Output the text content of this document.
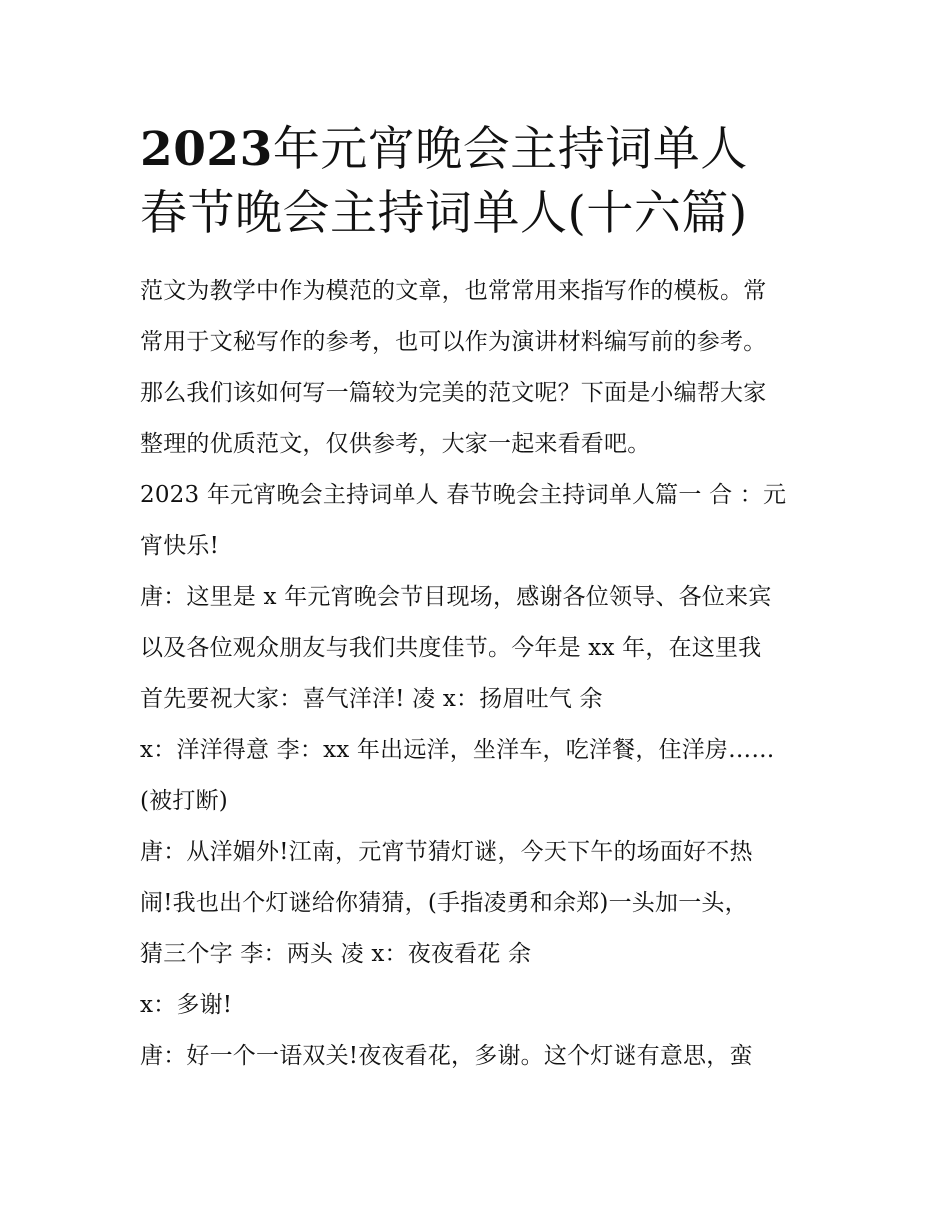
2023年元宵晚会主持词单人
春节晚会主持词单人(十六篇)

范文为教学中作为模范的文章，也常常用来指写作的模板。常
常用于文秘写作的参考，也可以作为演讲材料编写前的参考。
那么我们该如何写一篇较为完美的范文呢？下面是小编帮大家
整理的优质范文，仅供参考，大家一起来看看吧。

2023 年元宵晚会主持词单人 春节晚会主持词单人篇一 合 ：元
宵快乐!

唐：这里是 x 年元宵晚会节目现场，感谢各位领导、各位来宾
以及各位观众朋友与我们共度佳节。今年是 xx 年，在这里我
首先要祝大家：喜气洋洋! 凌 x：扬眉吐气 余

x：洋洋得意 李：xx 年出远洋，坐洋车，吃洋餐，住洋房……
(被打断)

唐：从洋媚外!江南，元宵节猜灯谜，今天下午的场面好不热
闹!我也出个灯谜给你猜猜，(手指凌勇和余郑)一头加一头，
猜三个字 李：两头 凌 x：夜夜看花 余

x：多谢!

唐：好一个一语双关!夜夜看花，多谢。这个灯谜有意思，蛮
